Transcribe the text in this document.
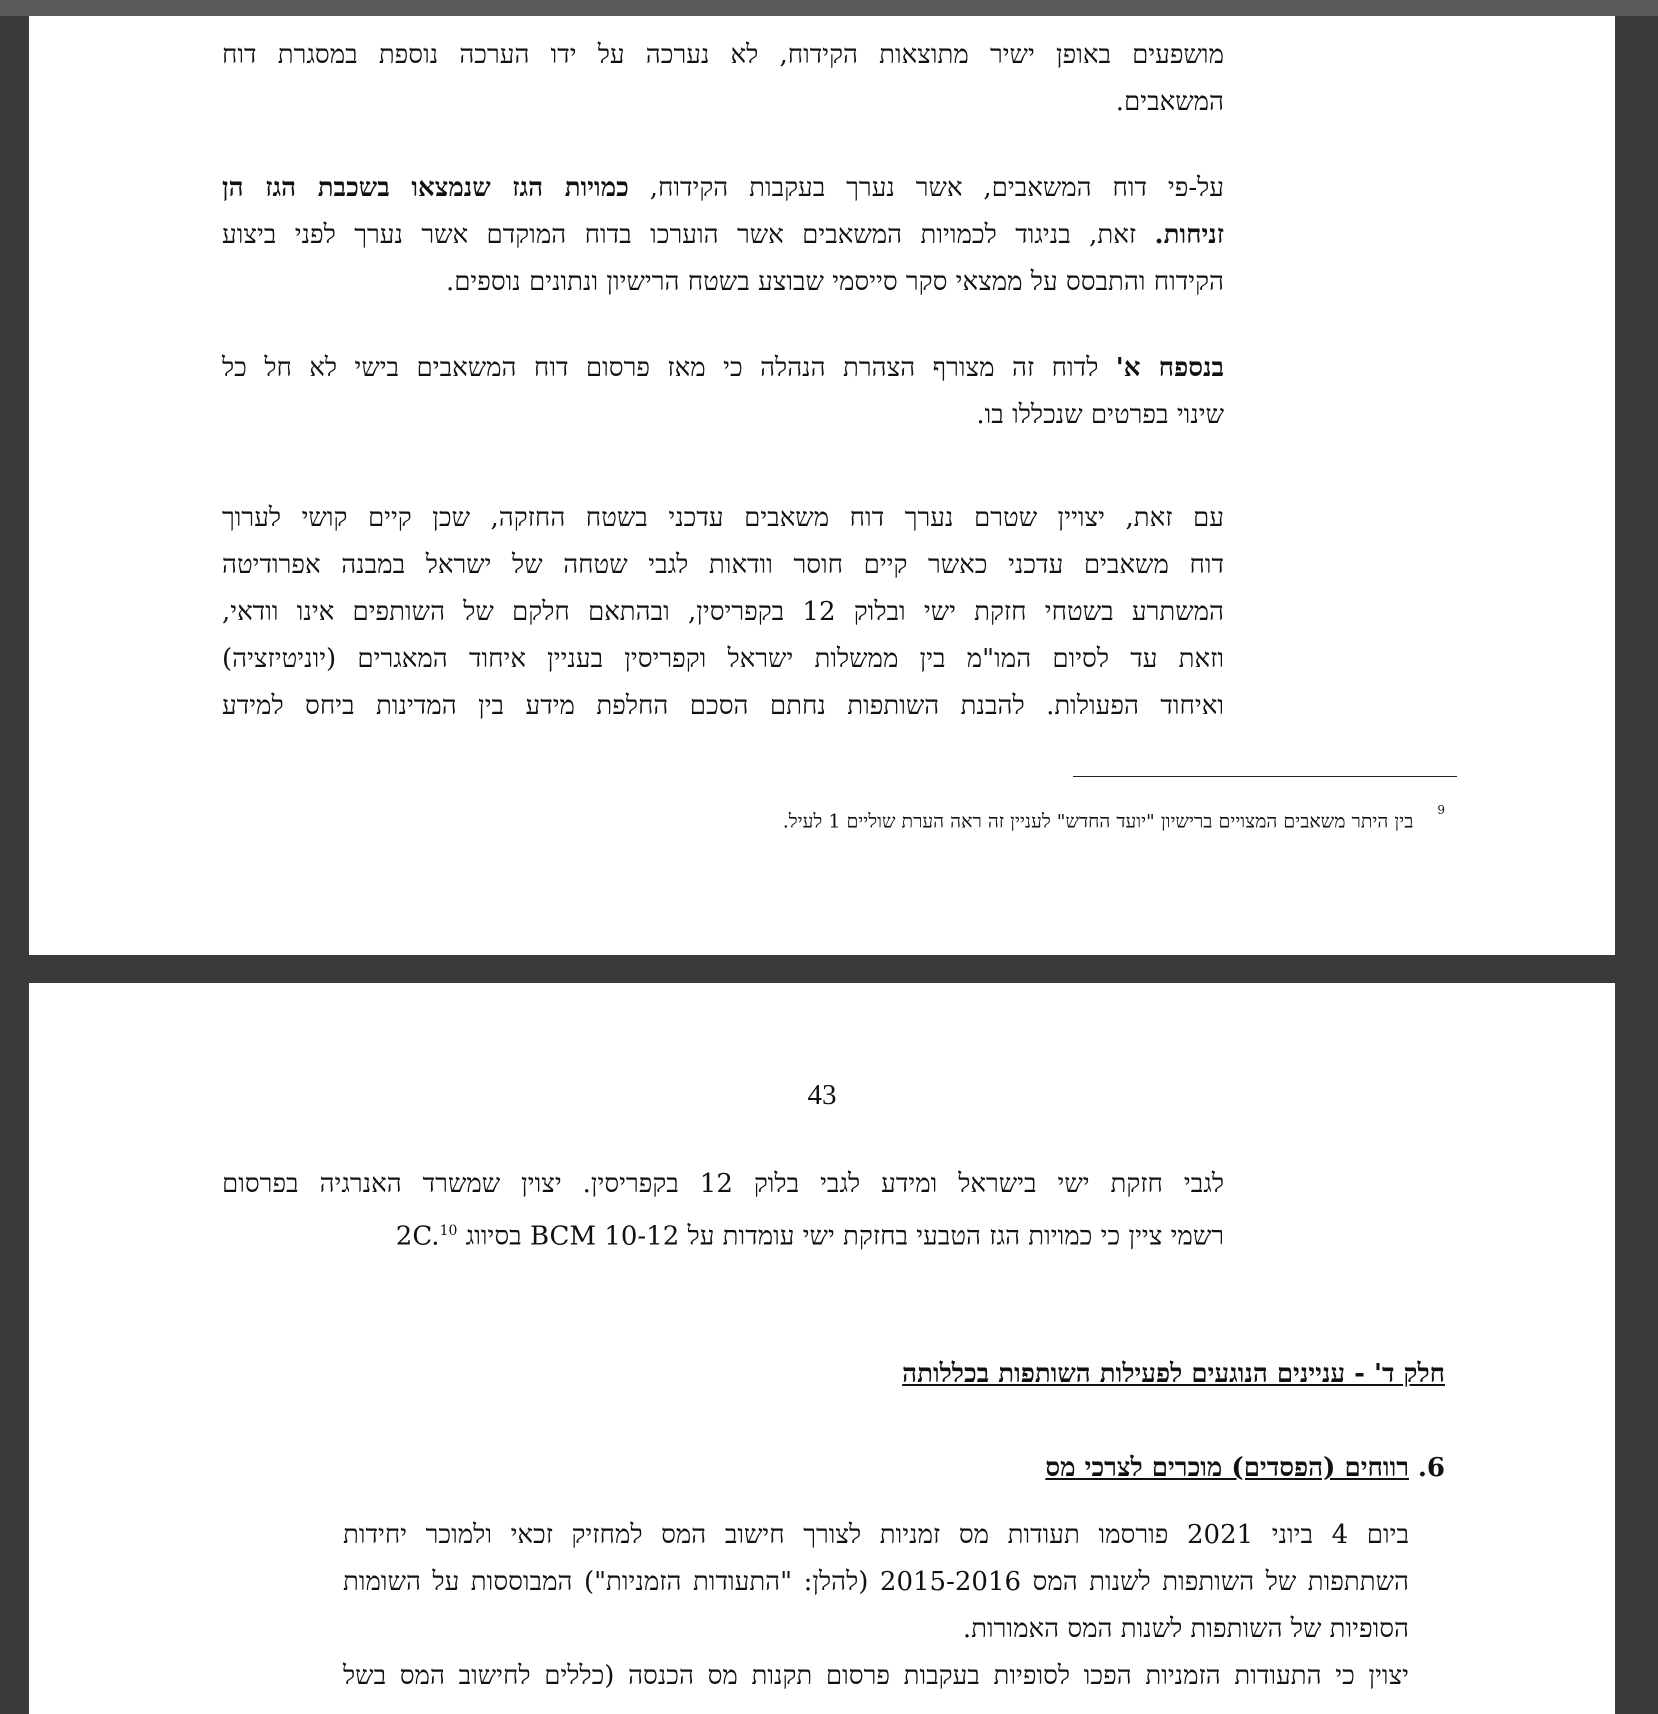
מושפעים באופן ישיר מתוצאות הקידוח, לא נערכה על ידו הערכה נוספת במסגרת דוח
המשאבים.
על-פי דוח המשאבים, אשר נערך בעקבות הקידוח, כמויות הגז שנמצאו בשכבת הגז הן
זניחות. זאת, בניגוד לכמויות המשאבים אשר הוערכו בדוח המוקדם אשר נערך לפני ביצוע
הקידוח והתבסס על ממצאי סקר סייסמי שבוצע בשטח הרישיון ונתונים נוספים.
בנספח א' לדוח זה מצורף הצהרת הנהלה כי מאז פרסום דוח המשאבים בישי לא חל כל
שינוי בפרטים שנכללו בו.
עם זאת, יצויין שטרם נערך דוח משאבים עדכני בשטח החזקה, שכן קיים קושי לערוך
דוח משאבים עדכני כאשר קיים חוסר וודאות לגבי שטחה של ישראל במבנה אפרודיטה
המשתרע בשטחי חזקת ישי ובלוק 12 בקפריסין, ובהתאם חלקם של השותפים אינו וודאי,
וזאת עד לסיום המו"מ בין ממשלות ישראל וקפריסין בעניין איחוד המאגרים (יוניטיזציה)
ואיחוד הפעולות. להבנת השותפות נחתם הסכם החלפת מידע בין המדינות ביחס למידע
$^9$בין היתר משאבים המצויים ברישיון "יועד החדש" לעניין זה ראה הערת שוליים 1 לעיל.
43
לגבי חזקת ישי בישראל ומידע לגבי בלוק 12 בקפריסין. יצוין שמשרד האנרגיה בפרסום
רשמי ציין כי כמויות הגז הטבעי בחזקת ישי עומדות על BCM 10-12 בסיווג 2C.$^{10}$
חלק ד' - עניינים הנוגעים לפעילות השותפות בכללותה
6.
רווחים (הפסדים) מוכרים לצרכי מס
ביום 4 ביוני 2021 פורסמו תעודות מס זמניות לצורך חישוב המס למחזיק זכאי ולמוכר יחידות
השתתפות של השותפות לשנות המס 2015-2016 (להלן: "התעודות הזמניות") המבוססות על השומות
הסופיות של השותפות לשנות המס האמורות.
יצוין כי התעודות הזמניות הפכו לסופיות בעקבות פרסום תקנות מס הכנסה (כללים לחישוב המס בשל
